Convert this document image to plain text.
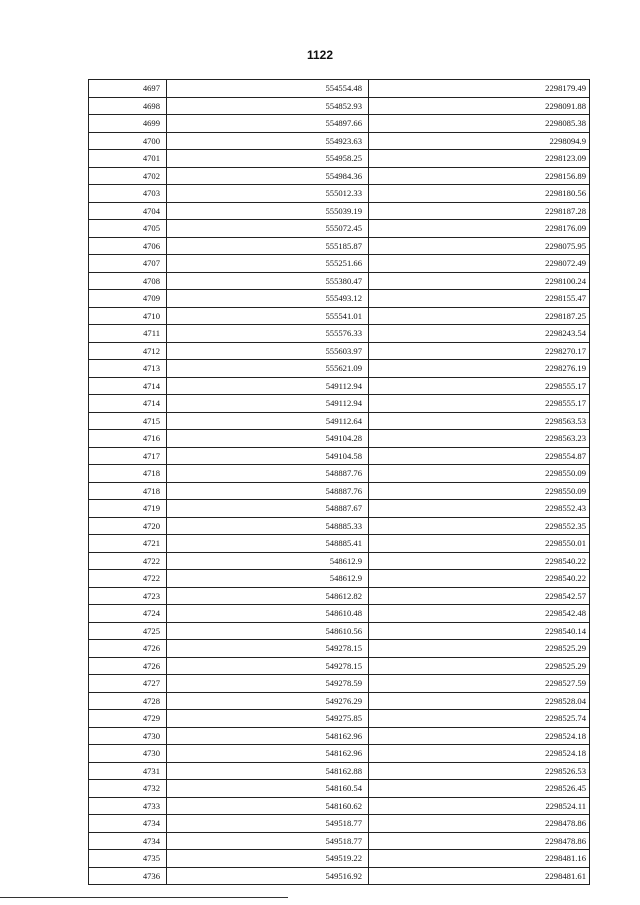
1122
4697	554554.48	2298179.49
4698	554852.93	2298091.88
4699	554897.66	2298085.38
4700	554923.63	2298094.9
4701	554958.25	2298123.09
4702	554984.36	2298156.89
4703	555012.33	2298180.56
4704	555039.19	2298187.28
4705	555072.45	2298176.09
4706	555185.87	2298075.95
4707	555251.66	2298072.49
4708	555380.47	2298100.24
4709	555493.12	2298155.47
4710	555541.01	2298187.25
4711	555576.33	2298243.54
4712	555603.97	2298270.17
4713	555621.09	2298276.19
4714	549112.94	2298555.17
4714	549112.94	2298555.17
4715	549112.64	2298563.53
4716	549104.28	2298563.23
4717	549104.58	2298554.87
4718	548887.76	2298550.09
4718	548887.76	2298550.09
4719	548887.67	2298552.43
4720	548885.33	2298552.35
4721	548885.41	2298550.01
4722	548612.9	2298540.22
4722	548612.9	2298540.22
4723	548612.82	2298542.57
4724	548610.48	2298542.48
4725	548610.56	2298540.14
4726	549278.15	2298525.29
4726	549278.15	2298525.29
4727	549278.59	2298527.59
4728	549276.29	2298528.04
4729	549275.85	2298525.74
4730	548162.96	2298524.18
4730	548162.96	2298524.18
4731	548162.88	2298526.53
4732	548160.54	2298526.45
4733	548160.62	2298524.11
4734	549518.77	2298478.86
4734	549518.77	2298478.86
4735	549519.22	2298481.16
4736	549516.92	2298481.61
